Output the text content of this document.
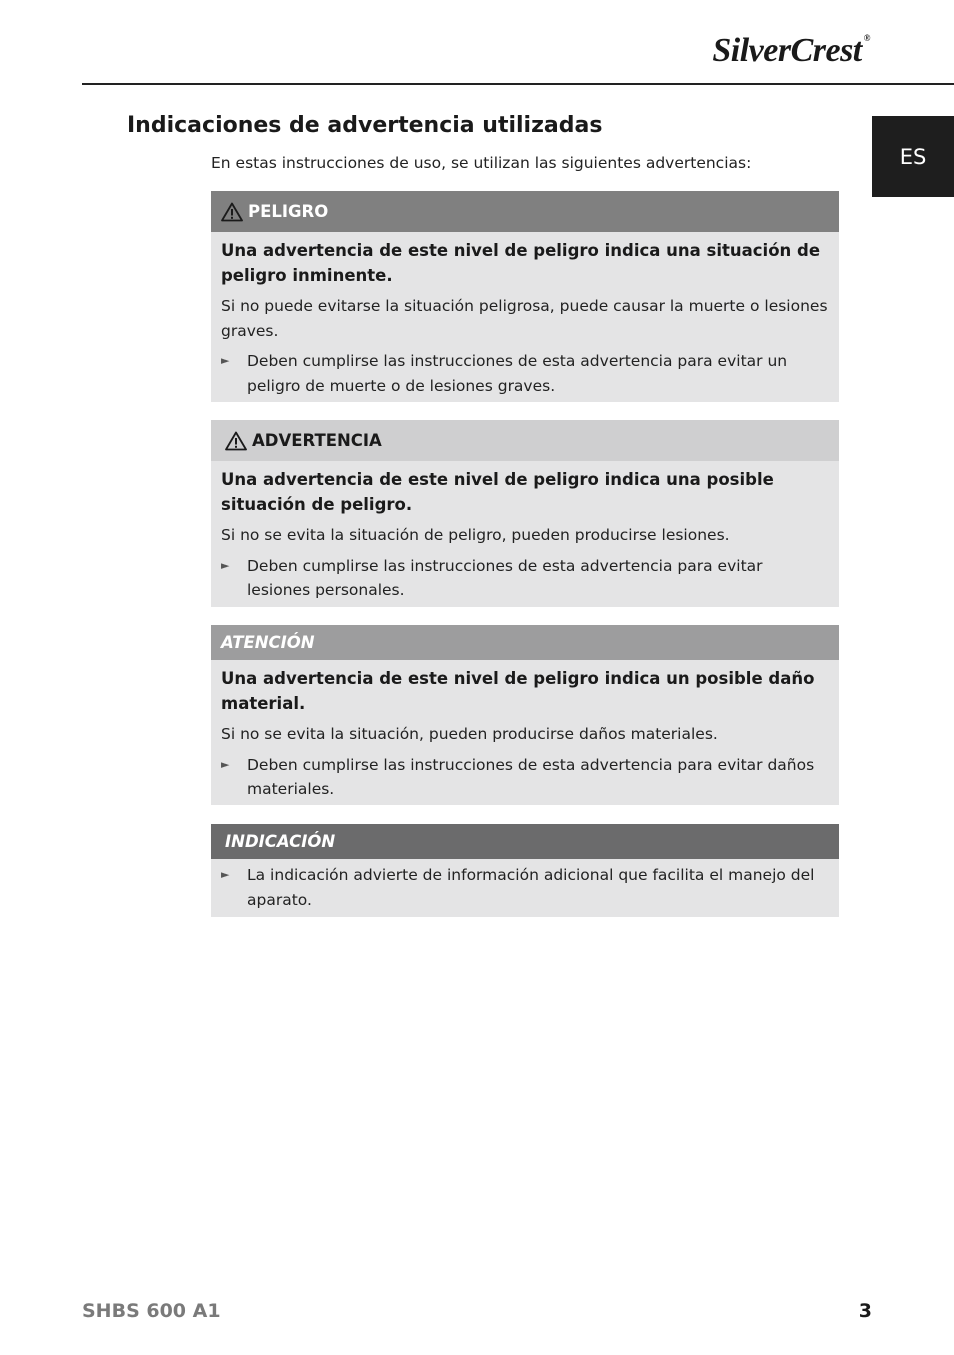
SilverCrest ®
ES
Indicaciones de advertencia utilizadas
En estas instrucciones de uso, se utilizan las siguientes advertencias:
PELIGRO

Una advertencia de este nivel de peligro indica una situación de peligro inminente.

Si no puede evitarse la situación peligrosa, puede causar la muerte o lesiones graves.

►	Deben cumplirse las instrucciones de esta advertencia para evitar un peligro de muerte o de lesiones graves.
ADVERTENCIA

Una advertencia de este nivel de peligro indica una posible situación de peligro.

Si no se evita la situación de peligro, pueden producirse lesiones.

►	Deben cumplirse las instrucciones de esta advertencia para evitar lesiones personales.
ATENCIÓN

Una advertencia de este nivel de peligro indica un posible daño material.

Si no se evita la situación, pueden producirse daños materiales.

►	Deben cumplirse las instrucciones de esta advertencia para evitar daños materiales.
INDICACIÓN
►	La indicación advierte de información adicional que facilita el manejo del aparato.
SHBS 600 A1	3
